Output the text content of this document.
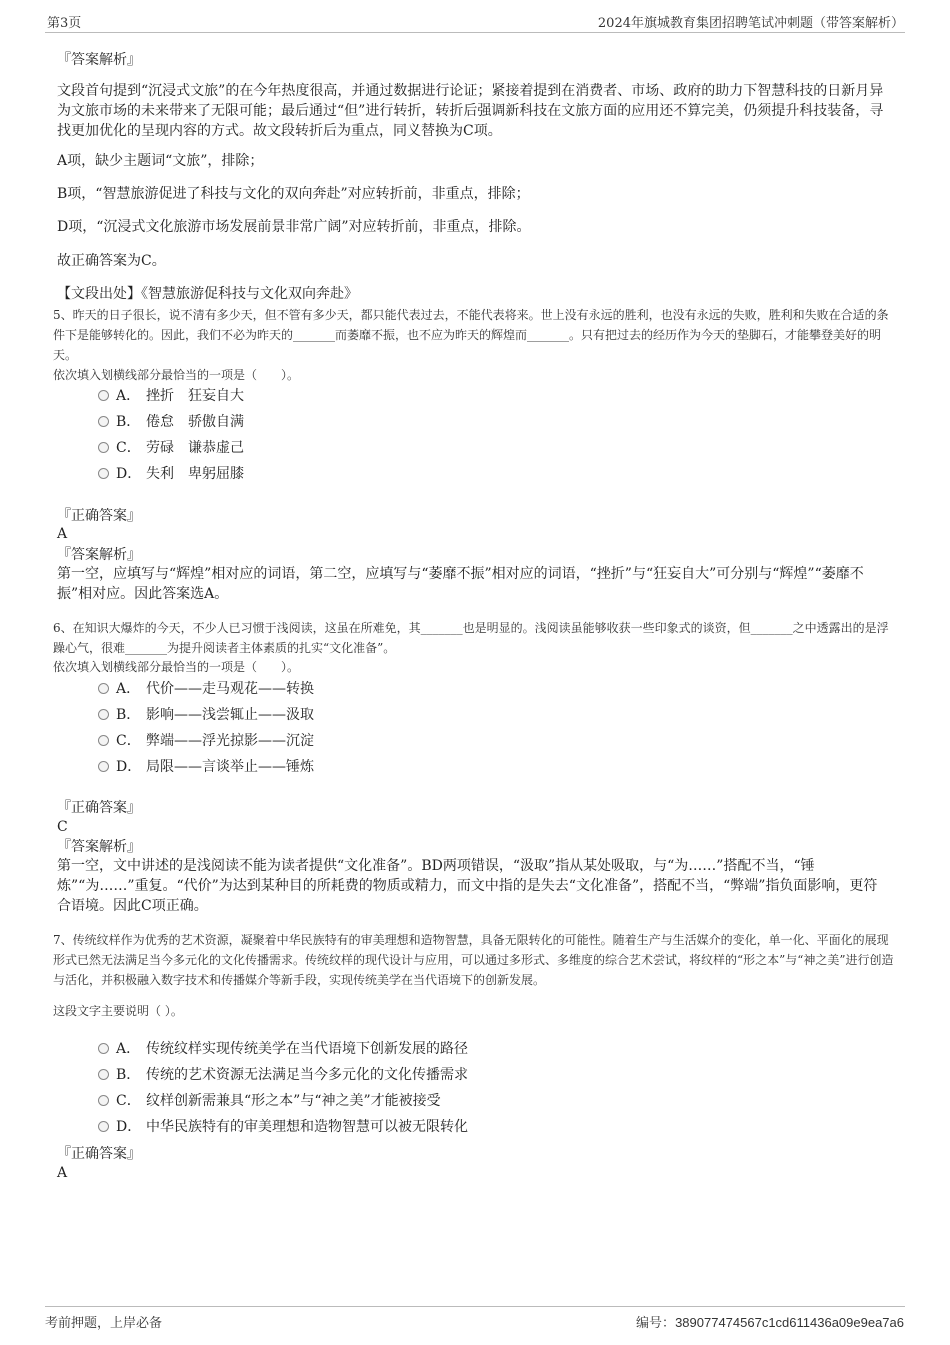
第3页	2024年旗城教育集团招聘笔试冲刺题（带答案解析）
『答案解析』
文段首句提到“沉浸式文旅”的在今年热度很高，并通过数据进行论证；紧接着提到在消费者、市场、政府的助力下智慧科技的日新月异为文旅市场的未来带来了无限可能；最后通过“但”进行转折，转折后强调新科技在文旅方面的应用还不算完美，仍须提升科技装备，寻找更加优化的呈现内容的方式。故文段转折后为重点，同义替换为C项。
A项，缺少主题词“文旅”，排除；
B项，“智慧旅游促进了科技与文化的双向奔赴”对应转折前，非重点，排除；
D项，“沉浸式文化旅游市场发展前景非常广阔”对应转折前，非重点，排除。
故正确答案为C。
【文段出处】《智慧旅游促科技与文化双向奔赴》
5、昨天的日子很长，说不清有多少天，但不管有多少天，都只能代表过去，不能代表将来。世上没有永远的胜利，也没有永远的失败，胜利和失败在合适的条件下是能够转化的。因此，我们不必为昨天的_______而萎靡不振，也不应为昨天的辉煌而_______。只有把过去的经历作为今天的垫脚石，才能攀登美好的明天。
依次填入划横线部分最恰当的一项是（　　）。
A． 挫折　狂妄自大
B． 倦怠　骄傲自满
C． 劳碌　谦恭虚己
D． 失利　卑躬屈膝
『正确答案』
A
『答案解析』
第一空，应填写与“辉煌”相对应的词语，第二空，应填写与“萎靡不振”相对应的词语，“挫折”与“狂妄自大”可分别与“辉煌”“萎靡不振”相对应。因此答案选A。
6、在知识大爆炸的今天，不少人已习惯于浅阅读，这虽在所难免，其_______也是明显的。浅阅读虽能够收获一些印象式的谈资，但_______之中透露出的是浮躁心气，很难_______为提升阅读者主体素质的扎实“文化准备”。
依次填入划横线部分最恰当的一项是（　　）。
A． 代价——走马观花——转换
B． 影响——浅尝辄止——汲取
C． 弊端——浮光掠影——沉淀
D． 局限——言谈举止——锤炼
『正确答案』
C
『答案解析』
第一空，文中讲述的是浅阅读不能为读者提供“文化准备”。BD两项错误，“汲取”指从某处吸取，与“为……”搭配不当，“锤炼”“为……”重复。“代价”为达到某种目的所耗费的物质或精力，而文中指的是失去“文化准备”，搭配不当，“弊端”指负面影响，更符合语境。因此C项正确。
7、传统纹样作为优秀的艺术资源，凝聚着中华民族特有的审美理想和造物智慧，具备无限转化的可能性。随着生产与生活媒介的变化，单一化、平面化的展现形式已然无法满足当今多元化的文化传播需求。传统纹样的现代设计与应用，可以通过多形式、多维度的综合艺术尝试，将纹样的“形之本”与“神之美”进行创造与活化，并积极融入数字技术和传播媒介等新手段，实现传统美学在当代语境下的创新发展。
这段文字主要说明（ ）。
A． 传统纹样实现传统美学在当代语境下创新发展的路径
B． 传统的艺术资源无法满足当今多元化的文化传播需求
C． 纹样创新需兼具“形之本”与“神之美”才能被接受
D． 中华民族特有的审美理想和造物智慧可以被无限转化
『正确答案』
A
考前押题，上岸必备	编号：389077474567c1cd611436a09e9ea7a6
